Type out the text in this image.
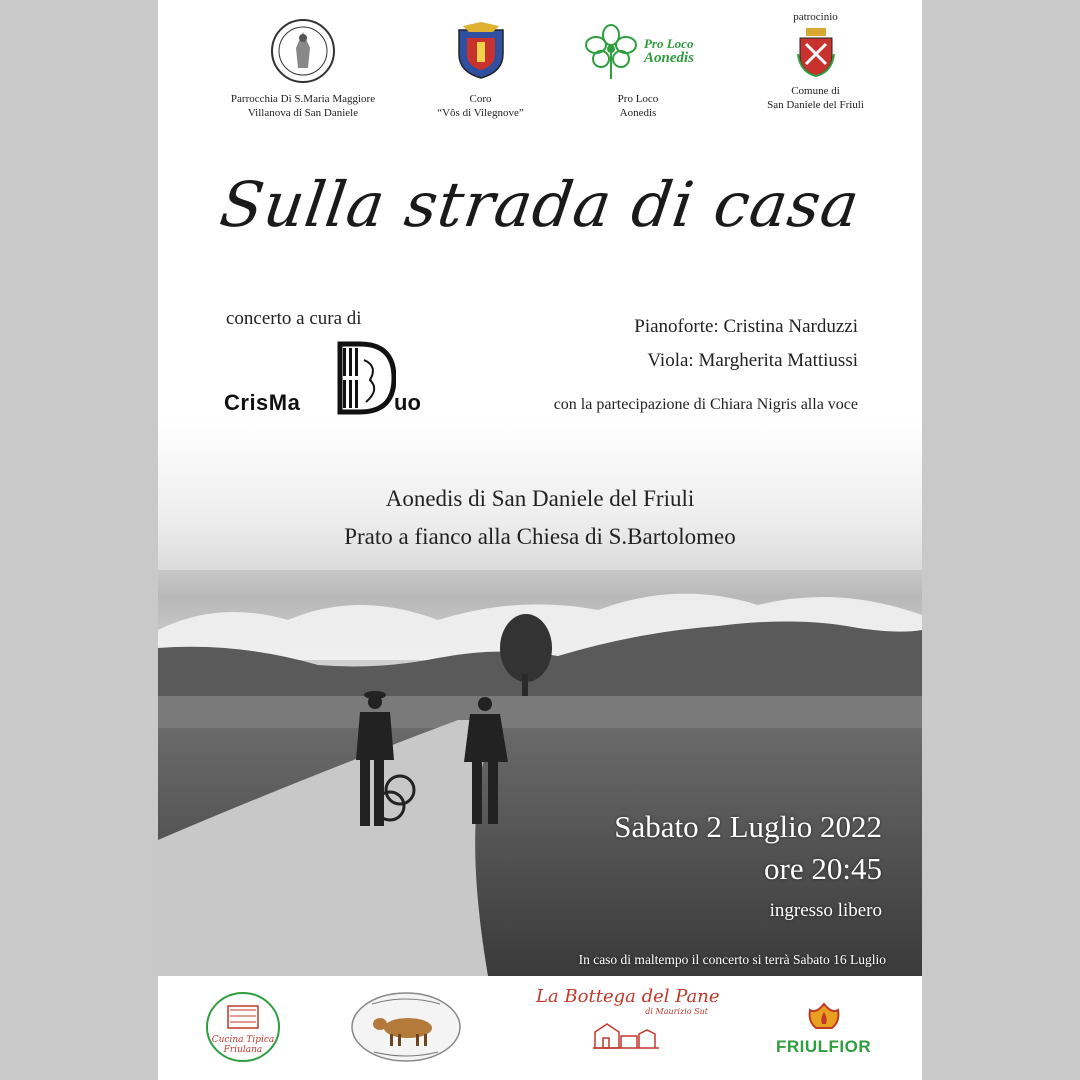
Parrocchia Di S.Maria Maggiore
Villanova di San Daniele
Coro
“Vôs di Vilegnove”
Pro Loco
Aonedis
Pro Loco
Aonedis
patrocinio
Comune di
San Daniele del Friuli
Sulla strada di casa
concerto a cura di
CrisMa	uo
Pianoforte: Cristina Narduzzi
Viola: Margherita Mattiussi
con la partecipazione di Chiara Nigris alla voce
Aonedis di San Daniele del Friuli
Prato a fianco alla Chiesa di S.Bartolomeo
Sabato 2 Luglio 2022
ore 20:45
ingresso libero
In caso di maltempo il concerto si terrà Sabato 16 Luglio
Cucina Tipica
Friulana
La Bottega del Pane
di Maurizio Sut
FRIULFIOR
